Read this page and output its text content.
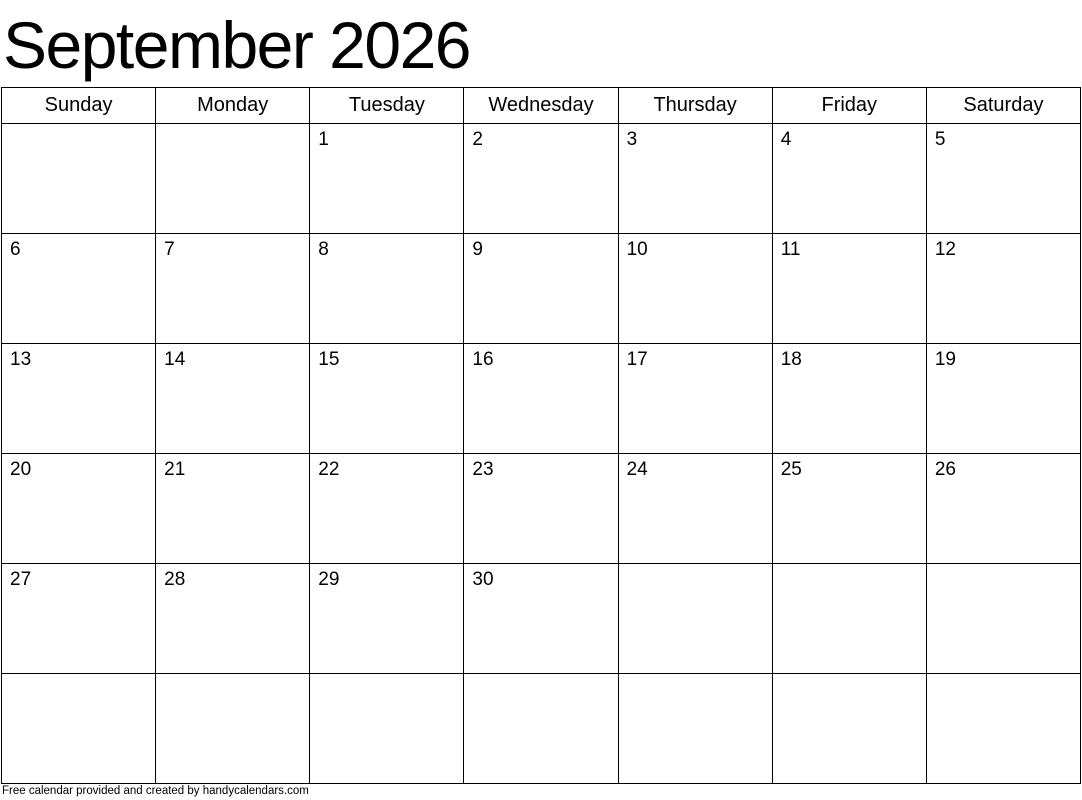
September 2026
Sunday	Monday	Tuesday	Wednesday	Thursday	Friday	Saturday

		1	2	3	4	5

6	7	8	9	10	11	12

13	14	15	16	17	18	19

20	21	22	23	24	25	26

27	28	29	30			

Free calendar provided and created by handycalendars.com
